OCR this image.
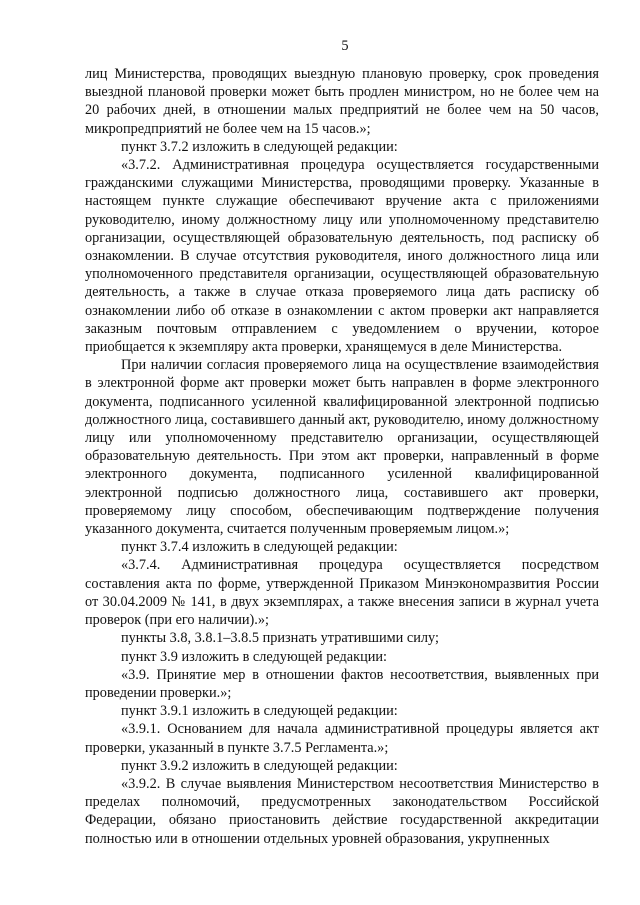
5

лиц Министерства, проводящих выездную плановую проверку, срок проведения выездной плановой проверки может быть продлен министром, но не более чем на 20 рабочих дней, в отношении малых предприятий не более чем на 50 часов, микропредприятий не более чем на 15 часов.»;

пункт 3.7.2 изложить в следующей редакции:

«3.7.2. Административная процедура осуществляется государственными гражданскими служащими Министерства, проводящими проверку. Указанные в настоящем пункте служащие обеспечивают вручение акта с приложениями руководителю, иному должностному лицу или уполномоченному представителю организации, осуществляющей образовательную деятельность, под расписку об ознакомлении. В случае отсутствия руководителя, иного должностного лица или уполномоченного представителя организации, осуществляющей образовательную деятельность, а также в случае отказа проверяемого лица дать расписку об ознакомлении либо об отказе в ознакомлении с актом проверки акт направляется заказным почтовым отправлением с уведомлением о вручении, которое приобщается к экземпляру акта проверки, хранящемуся в деле Министерства.

При наличии согласия проверяемого лица на осуществление взаимодействия в электронной форме акт проверки может быть направлен в форме электронного документа, подписанного усиленной квалифицированной электронной подписью должностного лица, составившего данный акт, руководителю, иному должностному лицу или уполномоченному представителю организации, осуществляющей образовательную деятельность. При этом акт проверки, направленный в форме электронного документа, подписанного усиленной квалифицированной электронной подписью должностного лица, составившего акт проверки, проверяемому лицу способом, обеспечивающим подтверждение получения указанного документа, считается полученным проверяемым лицом.»;

пункт 3.7.4 изложить в следующей редакции:

«3.7.4. Административная процедура осуществляется посредством составления акта по форме, утвержденной Приказом Минэкономразвития России от 30.04.2009 № 141, в двух экземплярах, а также внесения записи в журнал учета проверок (при его наличии).»;

пункты 3.8, 3.8.1–3.8.5 признать утратившими силу;

пункт 3.9 изложить в следующей редакции:

«3.9. Принятие мер в отношении фактов несоответствия, выявленных при проведении проверки.»;

пункт 3.9.1 изложить в следующей редакции:

«3.9.1. Основанием для начала административной процедуры является акт проверки, указанный в пункте 3.7.5 Регламента.»;

пункт 3.9.2 изложить в следующей редакции:

«3.9.2. В случае выявления Министерством несоответствия Министерство в пределах полномочий, предусмотренных законодательством Российской Федерации, обязано приостановить действие государственной аккредитации полностью или в отношении отдельных уровней образования, укрупненных
